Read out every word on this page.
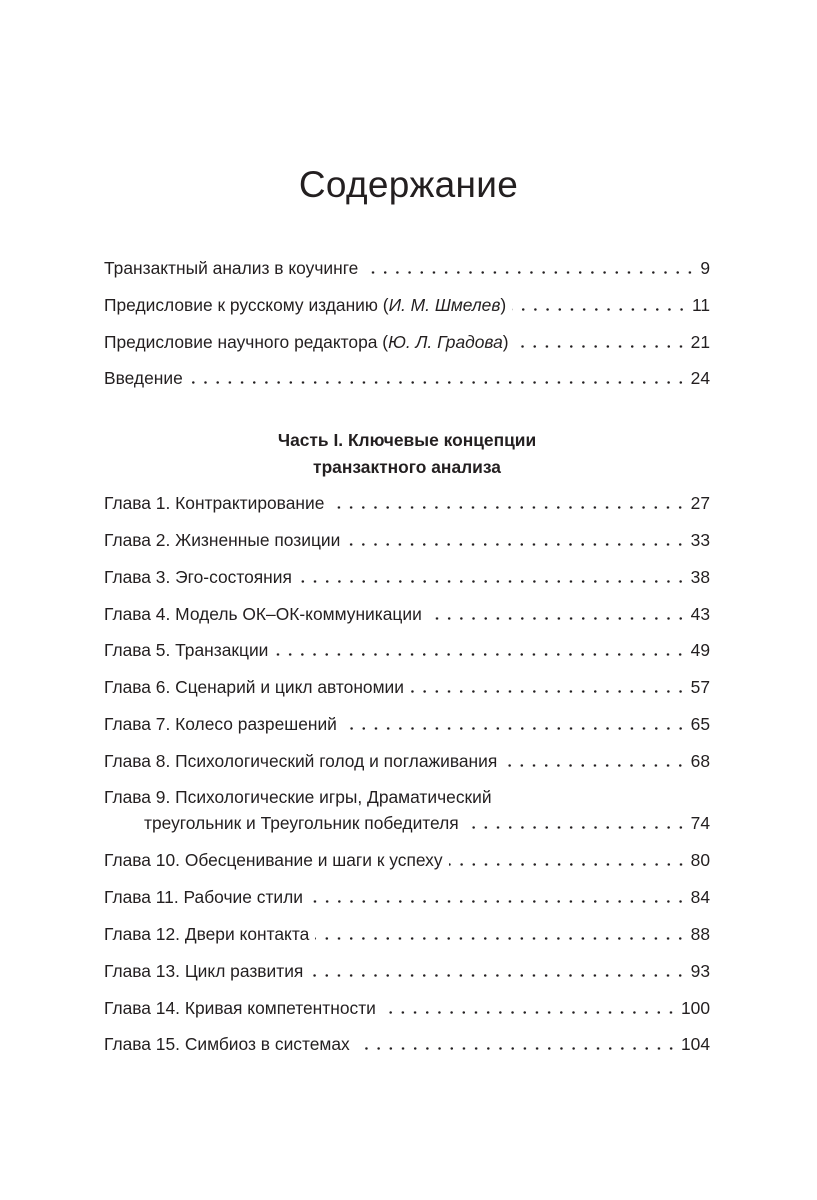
Содержание
Транзактный анализ в коучинге	9
Предисловие к русскому изданию (И. М. Шмелев)	11
Предисловие научного редактора (Ю. Л. Градова)	21
Введение	24
Часть I. Ключевые концепции
транзактного анализа
Глава 1. Контрактирование	27
Глава 2. Жизненные позиции	33
Глава 3. Эго-состояния	38
Глава 4. Модель ОК–ОК-коммуникации	43
Глава 5. Транзакции	49
Глава 6. Сценарий и цикл автономии	57
Глава 7. Колесо разрешений	65
Глава 8. Психологический голод и поглаживания	68
Глава 9. Психологические игры, Драматический
треугольник и Треугольник победителя	74
Глава 10. Обесценивание и шаги к успеху	80
Глава 11. Рабочие стили	84
Глава 12. Двери контакта	88
Глава 13. Цикл развития	93
Глава 14. Кривая компетентности	100
Глава 15. Симбиоз в системах	104
